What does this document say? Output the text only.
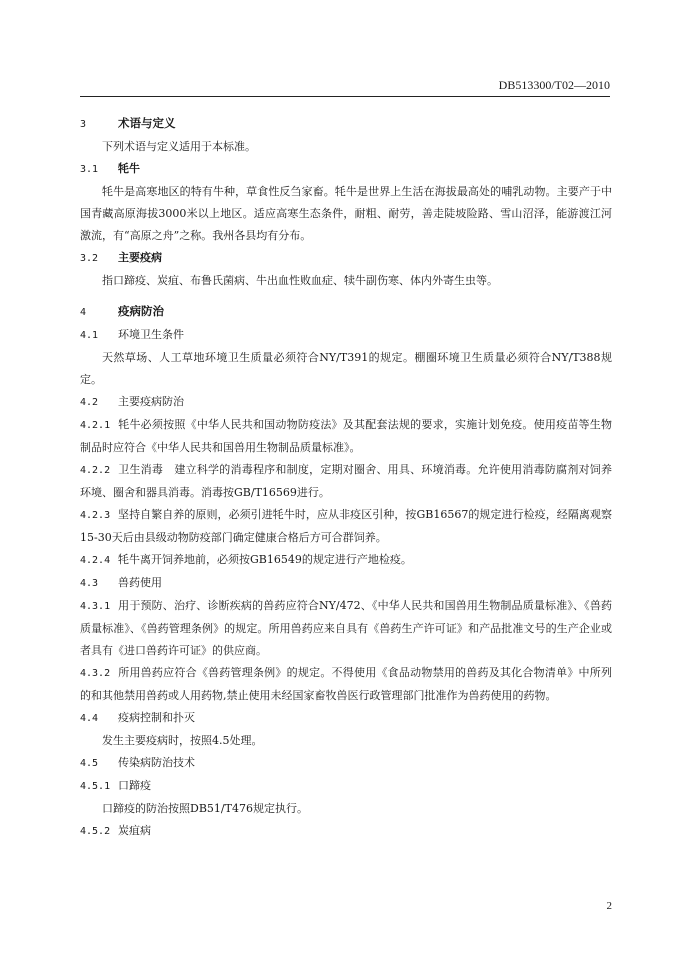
DB513300/T02—2010
3	术语与定义
下列术语与定义适用于本标准。
3.1 牦牛
牦牛是高寒地区的特有牛种，草食性反刍家畜。牦牛是世界上生活在海拔最高处的哺乳动物。主要产于中国青藏高原海拔3000米以上地区。适应高寒生态条件，耐粗、耐劳，善走陡坡险路、雪山沼泽，能游渡江河激流，有“高原之舟”之称。我州各县均有分布。
3.2 主要疫病
指口蹄疫、炭疽、布鲁氏菌病、牛出血性败血症、犊牛副伤寒、体内外寄生虫等。
4	疫病防治
4.1 环境卫生条件
天然草场、人工草地环境卫生质量必须符合NY/T391的规定。棚圈环境卫生质量必须符合NY/T388规定。
4.2 主要疫病防治
4.2.1 牦牛必须按照《中华人民共和国动物防疫法》及其配套法规的要求，实施计划免疫。使用疫苗等生物制品时应符合《中华人民共和国兽用生物制品质量标准》。
4.2.2 卫生消毒　建立科学的消毒程序和制度，定期对圈舍、用具、环境消毒。允许使用消毒防腐剂对饲养环境、圈舍和器具消毒。消毒按GB/T16569进行。
4.2.3 坚持自繁自养的原则，必须引进牦牛时，应从非疫区引种，按GB16567的规定进行检疫，经隔离观察15-30天后由县级动物防疫部门确定健康合格后方可合群饲养。
4.2.4 牦牛离开饲养地前，必须按GB16549的规定进行产地检疫。
4.3 兽药使用
4.3.1 用于预防、治疗、诊断疾病的兽药应符合NY/472、《中华人民共和国兽用生物制品质量标准》、《兽药质量标准》、《兽药管理条例》的规定。所用兽药应来自具有《兽药生产许可证》和产品批准文号的生产企业或者具有《进口兽药许可证》的供应商。
4.3.2 所用兽药应符合《兽药管理条例》的规定。不得使用《食品动物禁用的兽药及其化合物清单》中所列的和其他禁用兽药或人用药物,禁止使用未经国家畜牧兽医行政管理部门批准作为兽药使用的药物。
4.4 疫病控制和扑灭
发生主要疫病时，按照4.5处理。
4.5 传染病防治技术
4.5.1 口蹄疫
口蹄疫的防治按照DB51/T476规定执行。
4.5.2 炭疽病
2
